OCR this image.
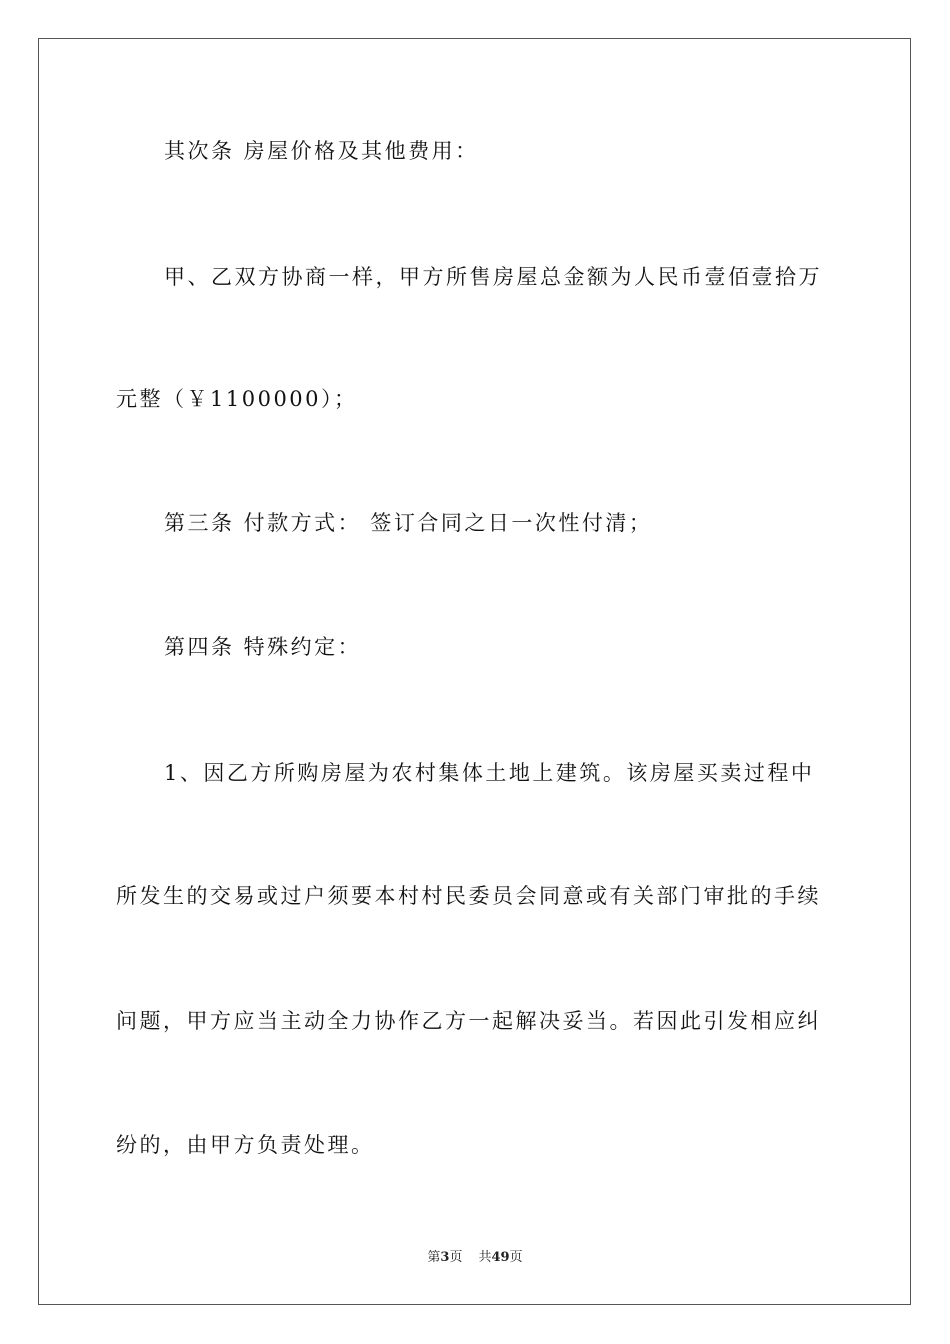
其次条 房屋价格及其他费用：
甲、乙双方协商一样，甲方所售房屋总金额为人民币壹佰壹拾万
元整（￥1100000）；
第三条 付款方式： 签订合同之日一次性付清；
第四条 特殊约定：
1、因乙方所购房屋为农村集体土地上建筑。该房屋买卖过程中
所发生的交易或过户须要本村村民委员会同意或有关部门审批的手续
问题，甲方应当主动全力协作乙方一起解决妥当。若因此引发相应纠
纷的，由甲方负责处理。
第3页 共49页
